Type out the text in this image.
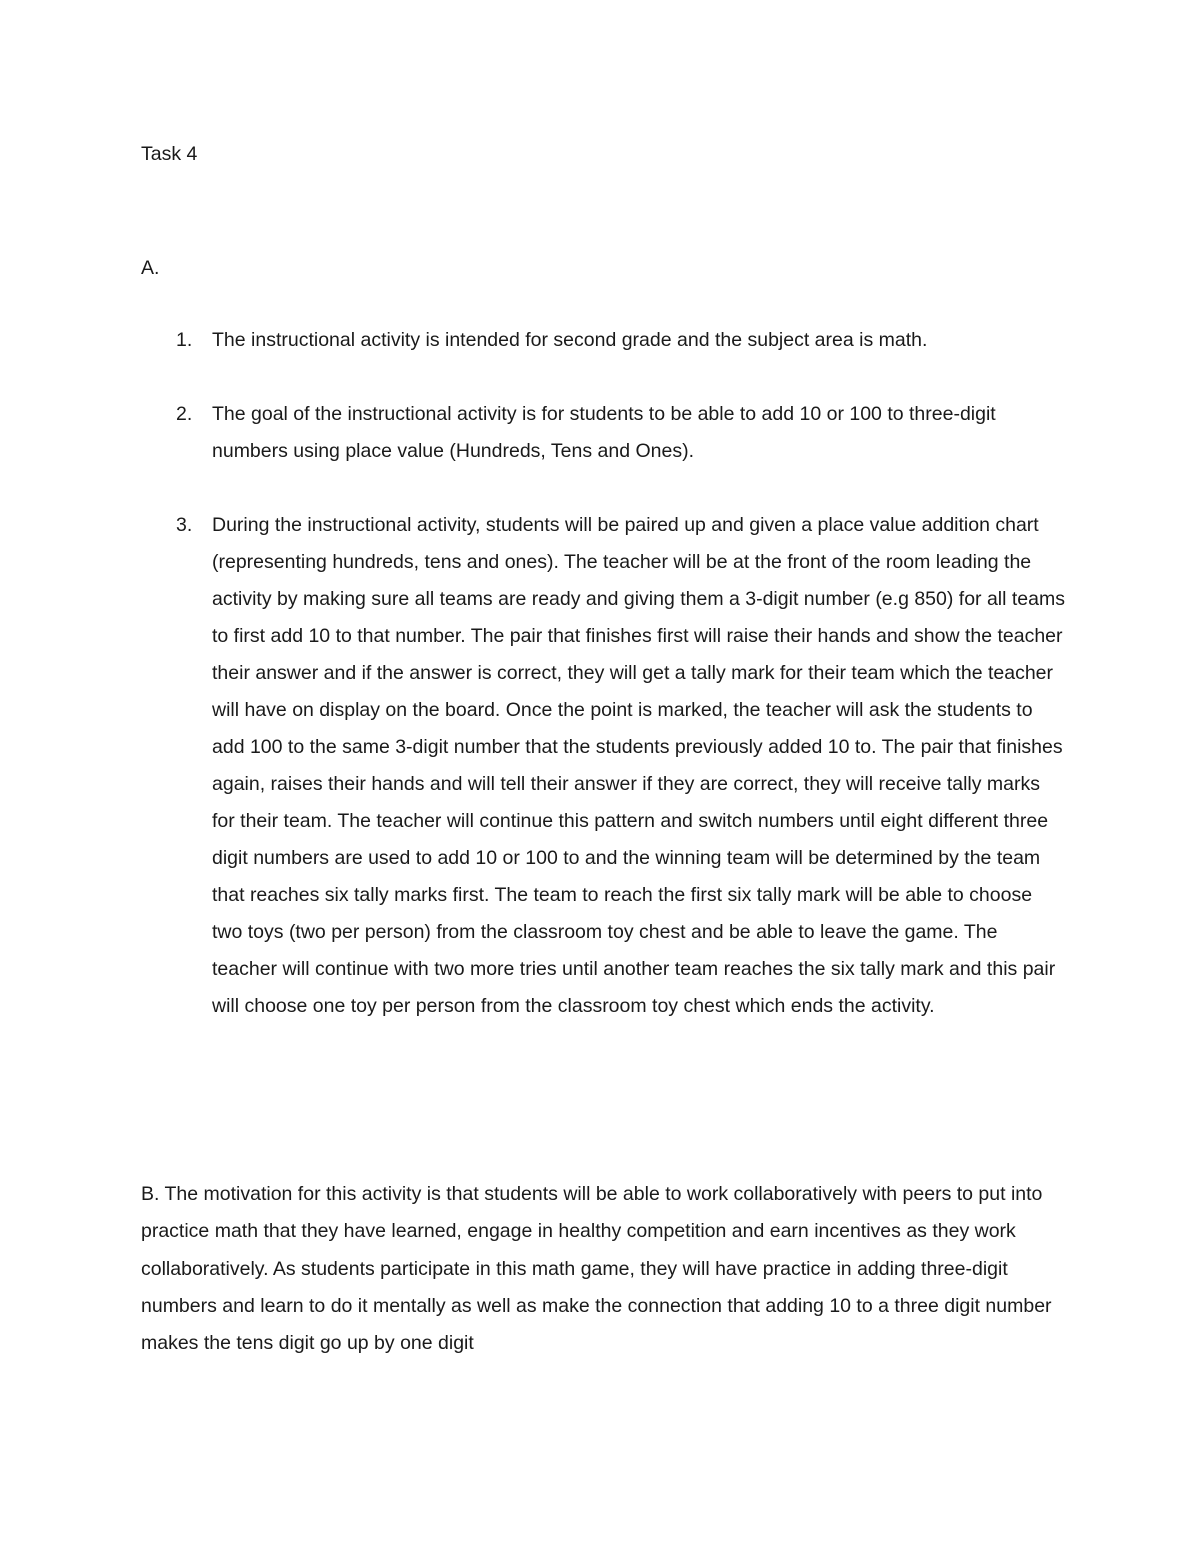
Task 4

A.

1.	The instructional activity is intended for second grade and the subject area is math.
2.	The goal of the instructional activity is for students to be able to add 10 or 100 to three-digit numbers using place value (Hundreds, Tens and Ones).
3.	During the instructional activity, students will be paired up and given a place value addition chart (representing hundreds, tens and ones). The teacher will be at the front of the room leading the activity by making sure all teams are ready and giving them a 3-digit number (e.g 850) for all teams to first add 10 to that number. The pair that finishes first will raise their hands and show the teacher their answer and if the answer is correct, they will get a tally mark for their team which the teacher will have on display on the board. Once the point is marked, the teacher will ask the students to add 100 to the same 3-digit number that the students previously added 10 to. The pair that finishes again, raises their hands and will tell their answer if they are correct, they will receive tally marks for their team. The teacher will continue this pattern and switch numbers until eight different three digit numbers are used to add 10 or 100 to and the winning team will be determined by the team that reaches six tally marks first. The team to reach the first six tally mark will be able to choose two toys (two per person) from the classroom toy chest and be able to leave the game. The teacher will continue with two more tries until another team reaches the six tally mark and this pair will choose one toy per person from the classroom toy chest which ends the activity.

B. The motivation for this activity is that students will be able to work collaboratively with peers to put into practice math that they have learned, engage in healthy competition and earn incentives as they work collaboratively. As students participate in this math game, they will have practice in adding three-digit numbers and learn to do it mentally as well as make the connection that adding 10 to a three digit number makes the tens digit go up by one digit
